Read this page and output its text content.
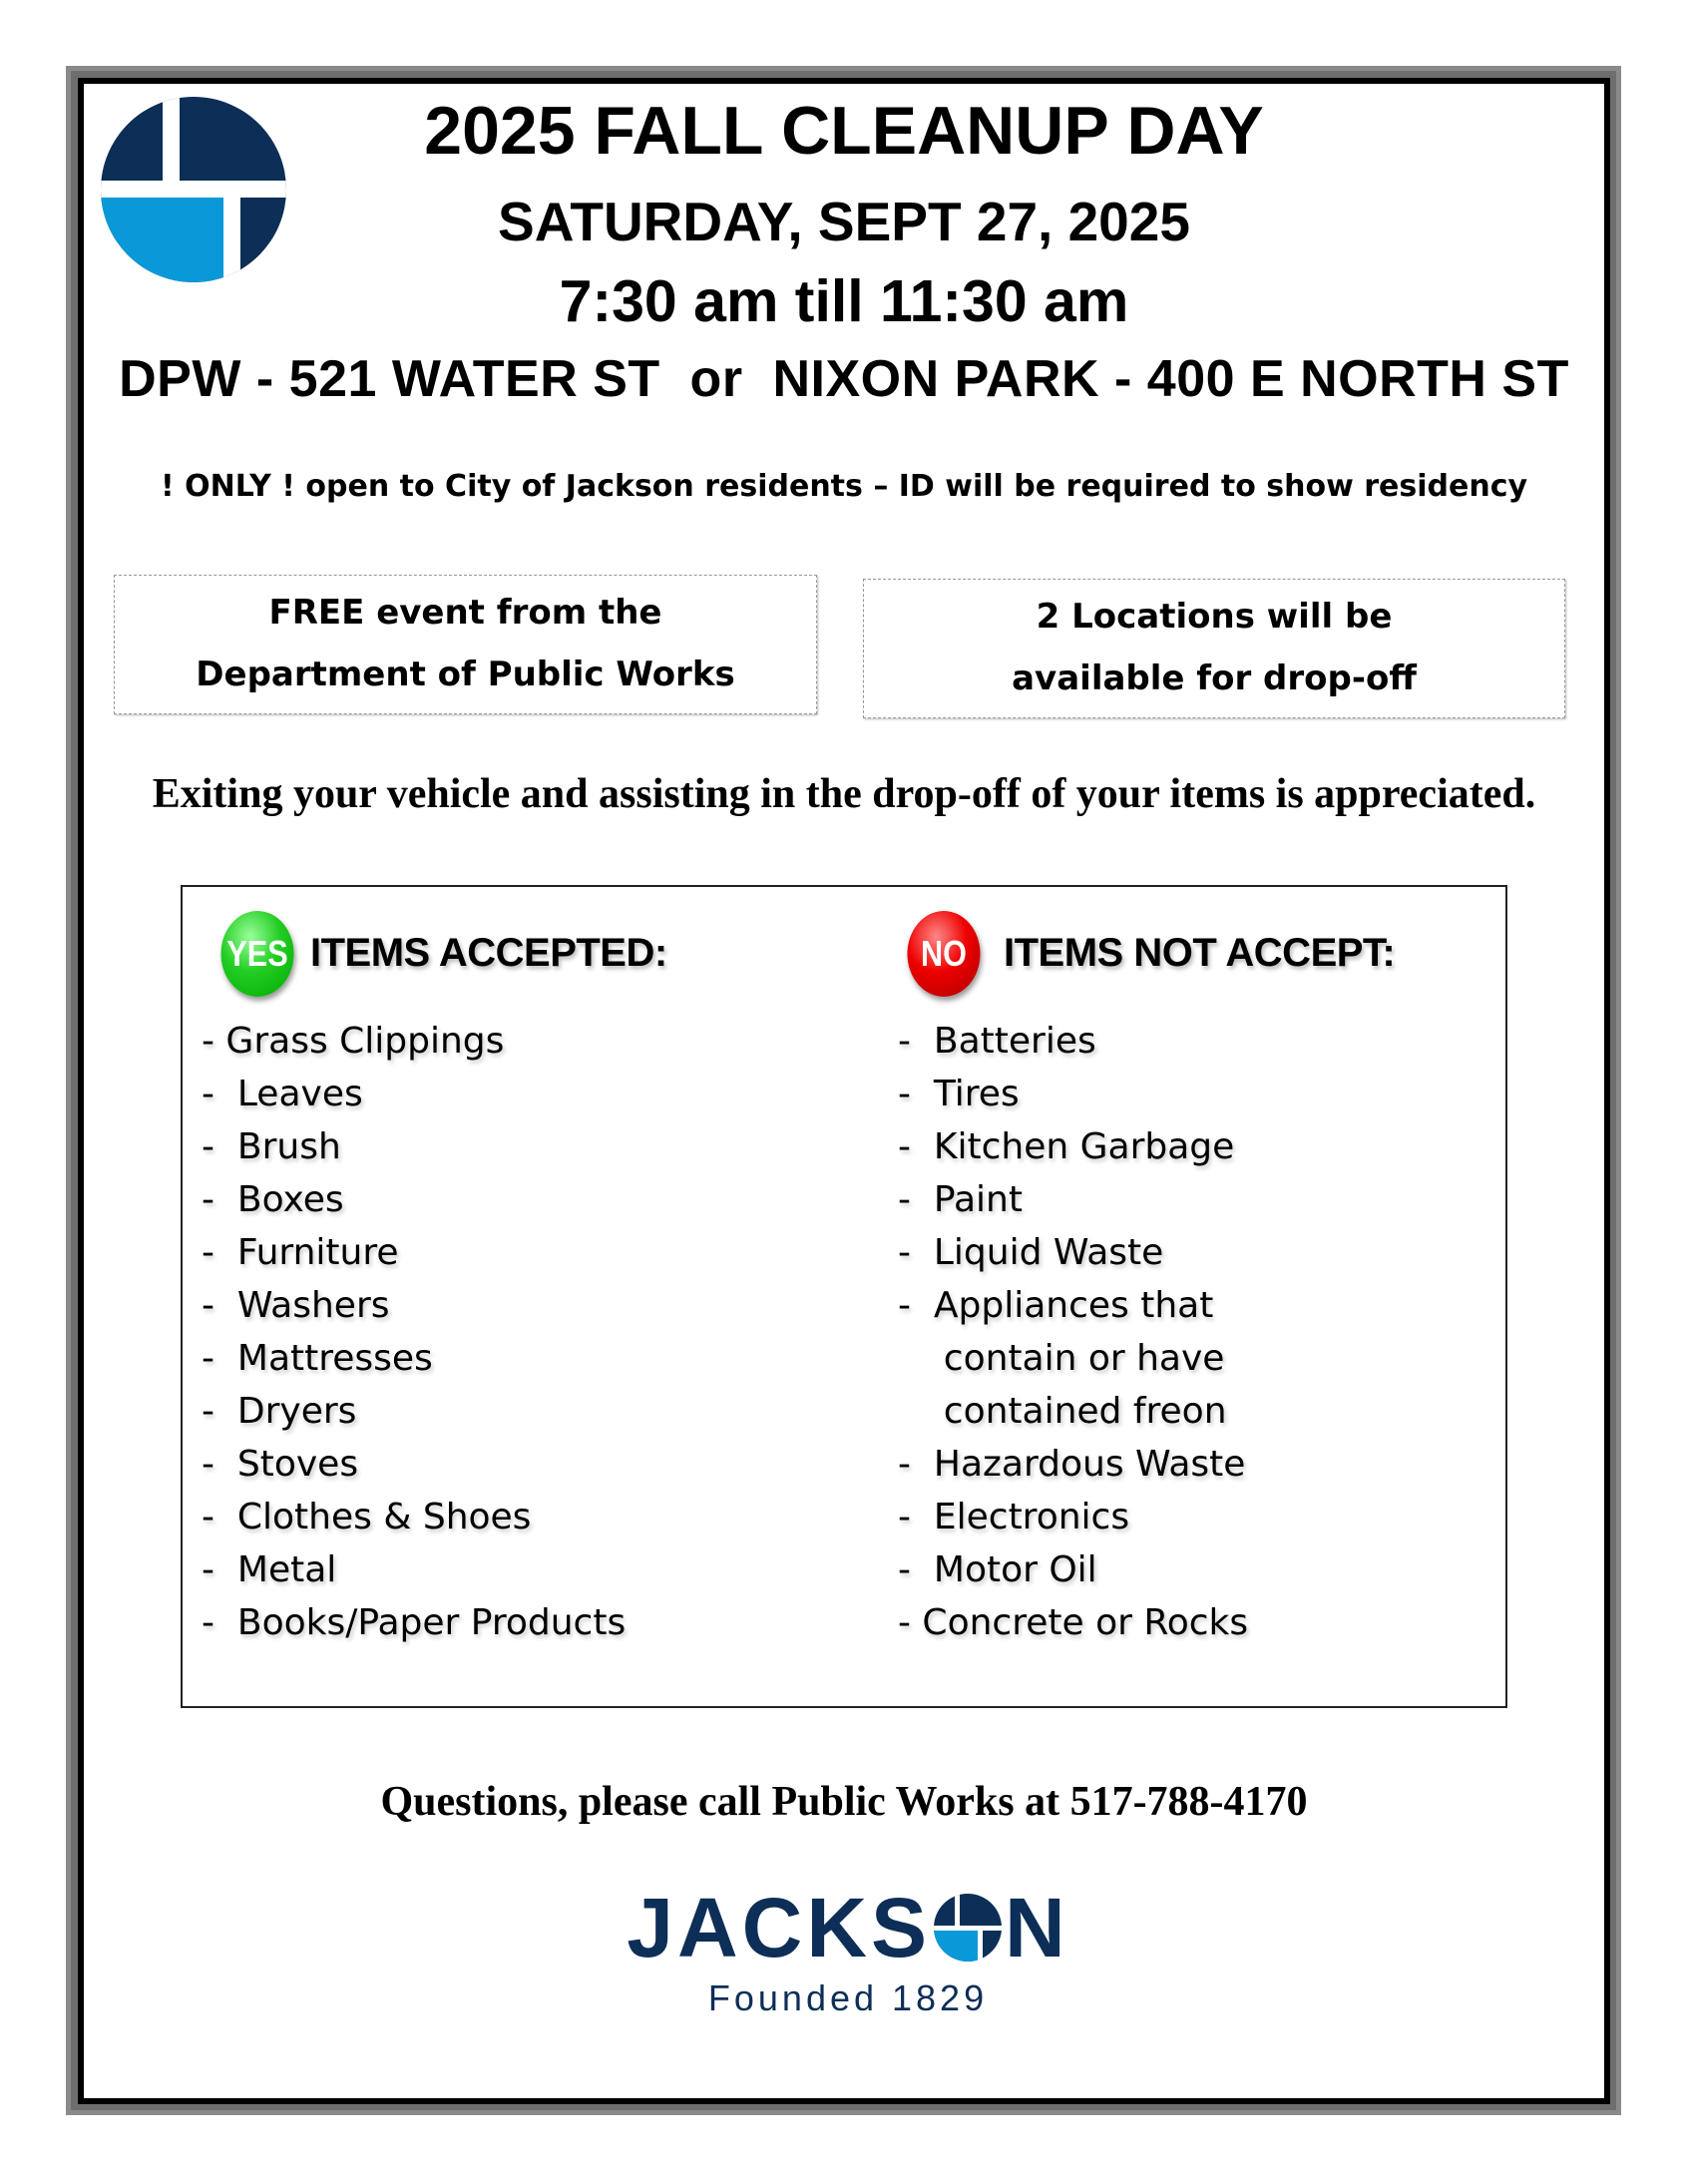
2025 FALL CLEANUP DAY
SATURDAY, SEPT 27, 2025
7:30 am till 11:30 am
DPW - 521 WATER ST  or  NIXON PARK - 400 E NORTH ST
! ONLY ! open to City of Jackson residents – ID will be required to show residency
FREE event from the
Department of Public Works
2 Locations will be
available for drop-off
Exiting your vehicle and assisting in the drop-off of your items is appreciated.
YES ITEMS ACCEPTED:	NO ITEMS NOT ACCEPT:
- Grass Clippings
-  Leaves
-  Brush
-  Boxes
-  Furniture
-  Washers
-  Mattresses
-  Dryers
-  Stoves
-  Clothes & Shoes
-  Metal
-  Books/Paper Products
-  Batteries
-  Tires
-  Kitchen Garbage
-  Paint
-  Liquid Waste
-  Appliances that
contain or have
contained freon
-  Hazardous Waste
-  Electronics
-  Motor Oil
- Concrete or Rocks
Questions, please call Public Works at 517-788-4170
JACKS N
Founded 1829
